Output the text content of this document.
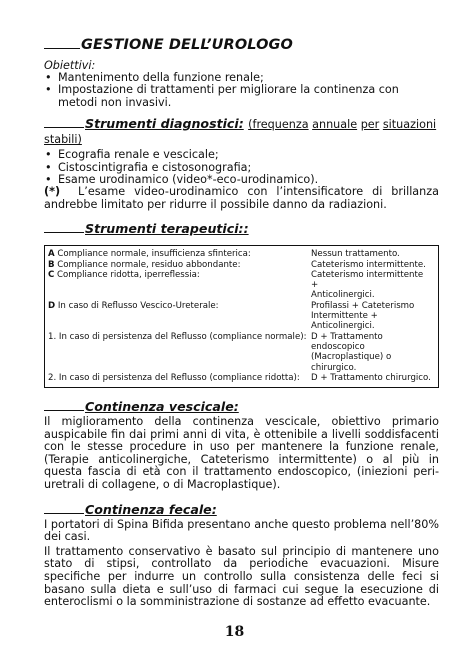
GESTIONE DELL’UROLOGO
Obiettivi:
• Mantenimento della funzione renale;
• Impostazione di trattamenti per migliorare la continenza con metodi non invasivi.
Strumenti diagnostici: (frequenza annuale per situazioni stabili)
• Ecografia renale e vescicale;
• Cistoscintigrafia e cistosonografia;
• Esame urodinamico (video*-eco-urodinamico).
(*) L’esame video-urodinamico con l’intensificatore di brillanza andrebbe limitato per ridurre il possibile danno da radiazioni.
Strumenti terapeutici::
A Compliance normale, insufficienza sfinterica:	Nessun trattamento.
B Compliance normale, residuo abbondante:	Cateterismo intermittente.
C Compliance ridotta, iperreflessia:	Cateterismo intermittente +
Anticolinergici.
D In caso di Reflusso Vescico-Ureterale:	Profilassi + Cateterismo
Intermittente + Anticolinergici.
1. In caso di persistenza del Reflusso (compliance normale): D + Trattamento endoscopico
(Macroplastique) o chirurgico.
2. In caso di persistenza del Reflusso (compliance ridotta):	D + Trattamento chirurgico.
Continenza vescicale:
Il miglioramento della continenza vescicale, obiettivo primario auspicabile fin dai primi anni di vita, è ottenibile a livelli soddisfacenti con le stesse procedure in uso per mantenere la funzione renale, (Terapie anticolinergiche, Cateterismo intermittente) o al più in questa fascia di età con il trattamento endoscopico, (iniezioni peri-uretrali di collagene, o di Macroplastique).
Continenza fecale:
I portatori di Spina Bifida presentano anche questo problema nell’80% dei casi.
Il trattamento conservativo è basato sul principio di mantenere uno stato di stipsi, controllato da periodiche evacuazioni. Misure specifiche per indurre un controllo sulla consistenza delle feci si basano sulla dieta e sull’uso di farmaci cui segue la esecuzione di enteroclismi o la somministrazione di sostanze ad effetto evacuante.
18
